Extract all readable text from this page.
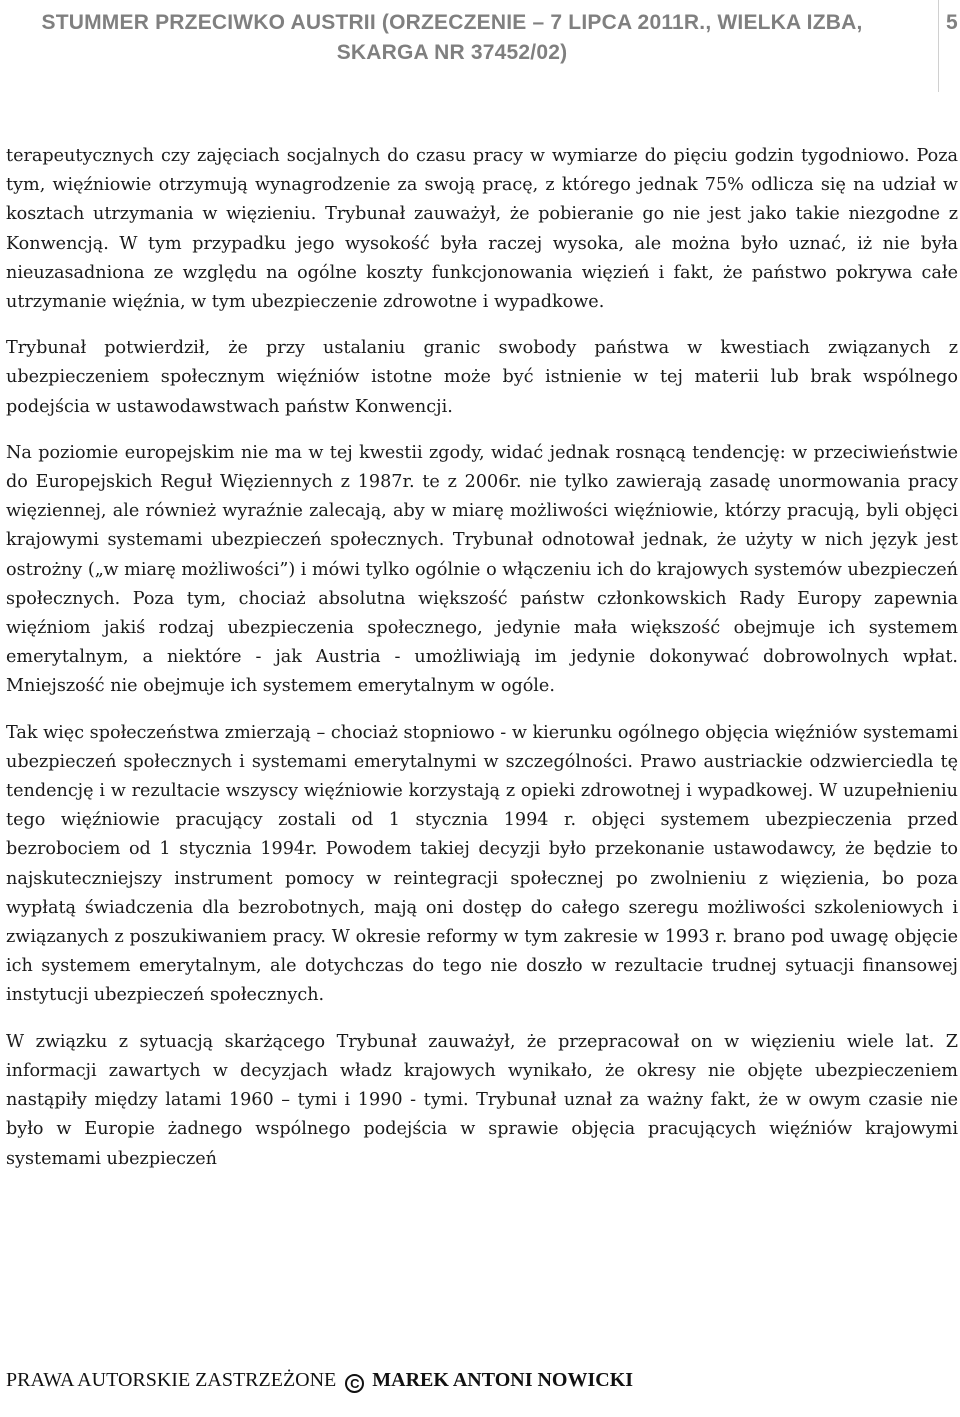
STUMMER PRZECIWKO AUSTRII (ORZECZENIE – 7 LIPCA 2011R., WIELKA IZBA, SKARGA NR 37452/02)
5

terapeutycznych czy zajęciach socjalnych do czasu pracy w wymiarze do pięciu godzin tygodniowo. Poza tym, więźniowie otrzymują wynagrodzenie za swoją pracę, z którego jednak 75% odlicza się na udział w kosztach utrzymania w więzieniu. Trybunał zauważył, że pobieranie go nie jest jako takie niezgodne z Konwencją. W tym przypadku jego wysokość była raczej wysoka, ale można było uznać, iż nie była nieuzasadniona ze względu na ogólne koszty funkcjonowania więzień i fakt, że państwo pokrywa całe utrzymanie więźnia, w tym ubezpieczenie zdrowotne i wypadkowe.

Trybunał potwierdził, że przy ustalaniu granic swobody państwa w kwestiach związanych z ubezpieczeniem społecznym więźniów istotne może być istnienie w tej materii lub brak wspólnego podejścia w ustawodawstwach państw Konwencji.

Na poziomie europejskim nie ma w tej kwestii zgody, widać jednak rosnącą tendencję: w przeciwieństwie do Europejskich Reguł Więziennych z 1987r. te z 2006r. nie tylko zawierają zasadę unormowania pracy więziennej, ale również wyraźnie zalecają, aby w miarę możliwości więźniowie, którzy pracują, byli objęci krajowymi systemami ubezpieczeń społecznych. Trybunał odnotował jednak, że użyty w nich język jest ostrożny („w miarę możliwości”) i mówi tylko ogólnie o włączeniu ich do krajowych systemów ubezpieczeń społecznych. Poza tym, chociaż absolutna większość państw członkowskich Rady Europy zapewnia więźniom jakiś rodzaj ubezpieczenia społecznego, jedynie mała większość obejmuje ich systemem emerytalnym, a niektóre - jak Austria - umożliwiają im jedynie dokonywać dobrowolnych wpłat. Mniejszość nie obejmuje ich systemem emerytalnym w ogóle.

Tak więc społeczeństwa zmierzają – chociaż stopniowo - w kierunku ogólnego objęcia więźniów systemami ubezpieczeń społecznych i systemami emerytalnymi w szczególności. Prawo austriackie odzwierciedla tę tendencję i w rezultacie wszyscy więźniowie korzystają z opieki zdrowotnej i wypadkowej. W uzupełnieniu tego więźniowie pracujący zostali od 1 stycznia 1994 r. objęci systemem ubezpieczenia przed bezrobociem od 1 stycznia 1994r. Powodem takiej decyzji było przekonanie ustawodawcy, że będzie to najskuteczniejszy instrument pomocy w reintegracji społecznej po zwolnieniu z więzienia, bo poza wypłatą świadczenia dla bezrobotnych, mają oni dostęp do całego szeregu możliwości szkoleniowych i związanych z poszukiwaniem pracy. W okresie reformy w tym zakresie w 1993 r. brano pod uwagę objęcie ich systemem emerytalnym, ale dotychczas do tego nie doszło w rezultacie trudnej sytuacji finansowej instytucji ubezpieczeń społecznych.

W związku z sytuacją skarżącego Trybunał zauważył, że przepracował on w więzieniu wiele lat. Z informacji zawartych w decyzjach władz krajowych wynikało, że okresy nie objęte ubezpieczeniem nastąpiły między latami 1960 – tymi i 1990 - tymi. Trybunał uznał za ważny fakt, że w owym czasie nie było w Europie żadnego wspólnego podejścia w sprawie objęcia pracujących więźniów krajowymi systemami ubezpieczeń

PRAWA AUTORSKIE ZASTRZEŻONE C MAREK ANTONI NOWICKI
